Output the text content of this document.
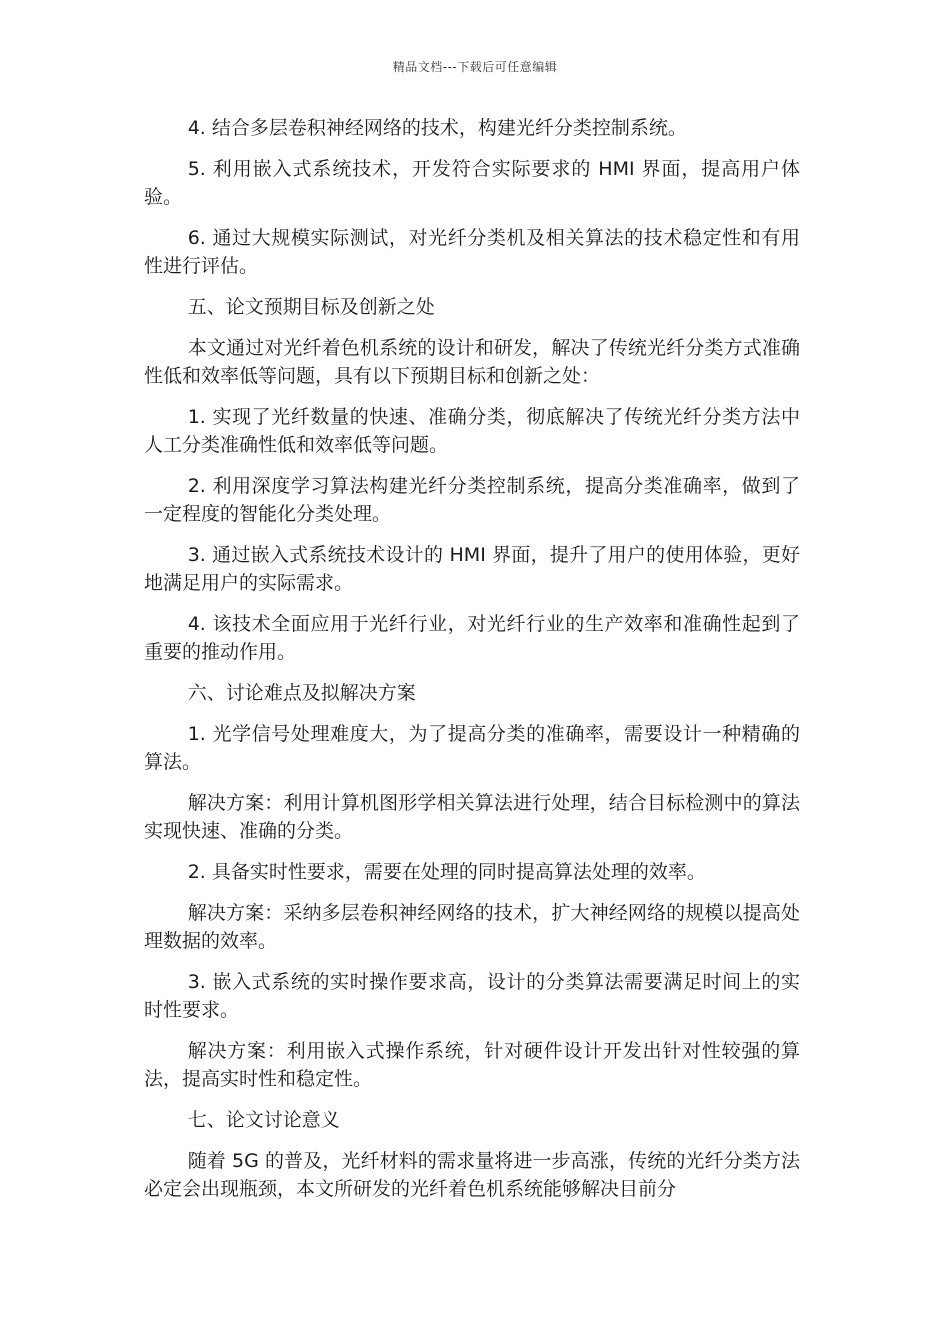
精品文档---下载后可任意编辑

4. 结合多层卷积神经网络的技术，构建光纤分类控制系统。

5. 利用嵌入式系统技术，开发符合实际要求的 HMI 界面，提高用户体验。

6. 通过大规模实际测试，对光纤分类机及相关算法的技术稳定性和有用性进行评估。

五、论文预期目标及创新之处

本文通过对光纤着色机系统的设计和研发，解决了传统光纤分类方式准确性低和效率低等问题，具有以下预期目标和创新之处：

1. 实现了光纤数量的快速、准确分类，彻底解决了传统光纤分类方法中人工分类准确性低和效率低等问题。

2. 利用深度学习算法构建光纤分类控制系统，提高分类准确率，做到了一定程度的智能化分类处理。

3. 通过嵌入式系统技术设计的 HMI 界面，提升了用户的使用体验，更好地满足用户的实际需求。

4. 该技术全面应用于光纤行业，对光纤行业的生产效率和准确性起到了重要的推动作用。

六、讨论难点及拟解决方案

1. 光学信号处理难度大，为了提高分类的准确率，需要设计一种精确的算法。

解决方案：利用计算机图形学相关算法进行处理，结合目标检测中的算法实现快速、准确的分类。

2. 具备实时性要求，需要在处理的同时提高算法处理的效率。

解决方案：采纳多层卷积神经网络的技术，扩大神经网络的规模以提高处理数据的效率。

3. 嵌入式系统的实时操作要求高，设计的分类算法需要满足时间上的实时性要求。

解决方案：利用嵌入式操作系统，针对硬件设计开发出针对性较强的算法，提高实时性和稳定性。

七、论文讨论意义

随着 5G 的普及，光纤材料的需求量将进一步高涨，传统的光纤分类方法必定会出现瓶颈，本文所研发的光纤着色机系统能够解决目前分
